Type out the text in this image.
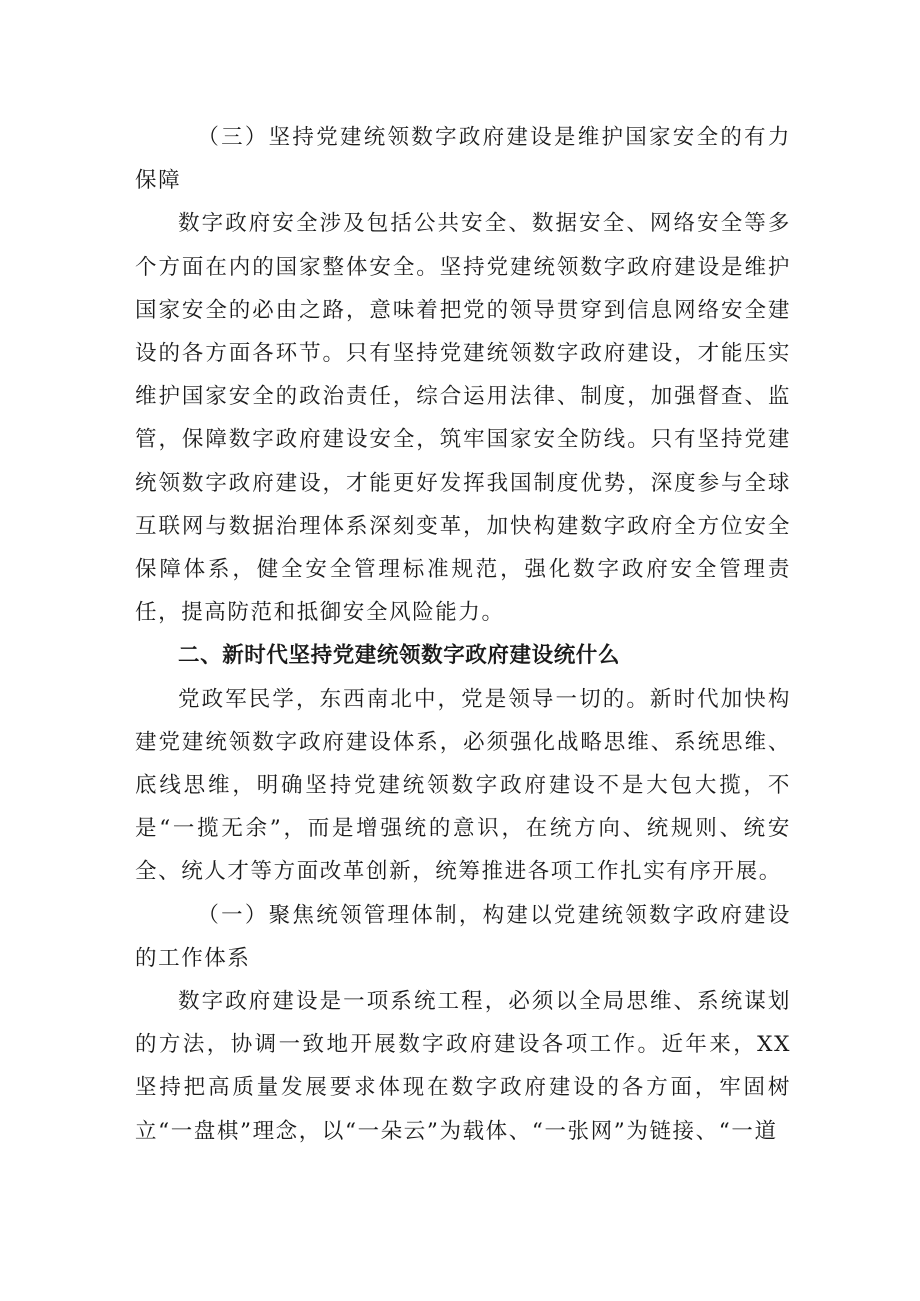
（三）坚持党建统领数字政府建设是维护国家安全的有力保障

数字政府安全涉及包括公共安全、数据安全、网络安全等多个方面在内的国家整体安全。坚持党建统领数字政府建设是维护国家安全的必由之路，意味着把党的领导贯穿到信息网络安全建设的各方面各环节。只有坚持党建统领数字政府建设，才能压实维护国家安全的政治责任，综合运用法律、制度，加强督查、监管，保障数字政府建设安全，筑牢国家安全防线。只有坚持党建统领数字政府建设，才能更好发挥我国制度优势，深度参与全球互联网与数据治理体系深刻变革，加快构建数字政府全方位安全保障体系，健全安全管理标准规范，强化数字政府安全管理责任，提高防范和抵御安全风险能力。

二、新时代坚持党建统领数字政府建设统什么

党政军民学，东西南北中，党是领导一切的。新时代加快构建党建统领数字政府建设体系，必须强化战略思维、系统思维、底线思维，明确坚持党建统领数字政府建设不是大包大揽，不是“一揽无余”，而是增强统的意识，在统方向、统规则、统安全、统人才等方面改革创新，统筹推进各项工作扎实有序开展。

（一）聚焦统领管理体制，构建以党建统领数字政府建设的工作体系

数字政府建设是一项系统工程，必须以全局思维、系统谋划的方法，协调一致地开展数字政府建设各项工作。近年来，XX坚持把高质量发展要求体现在数字政府建设的各方面，牢固树立“一盘棋”理念，以“一朵云”为载体、“一张网”为链接、“一道
